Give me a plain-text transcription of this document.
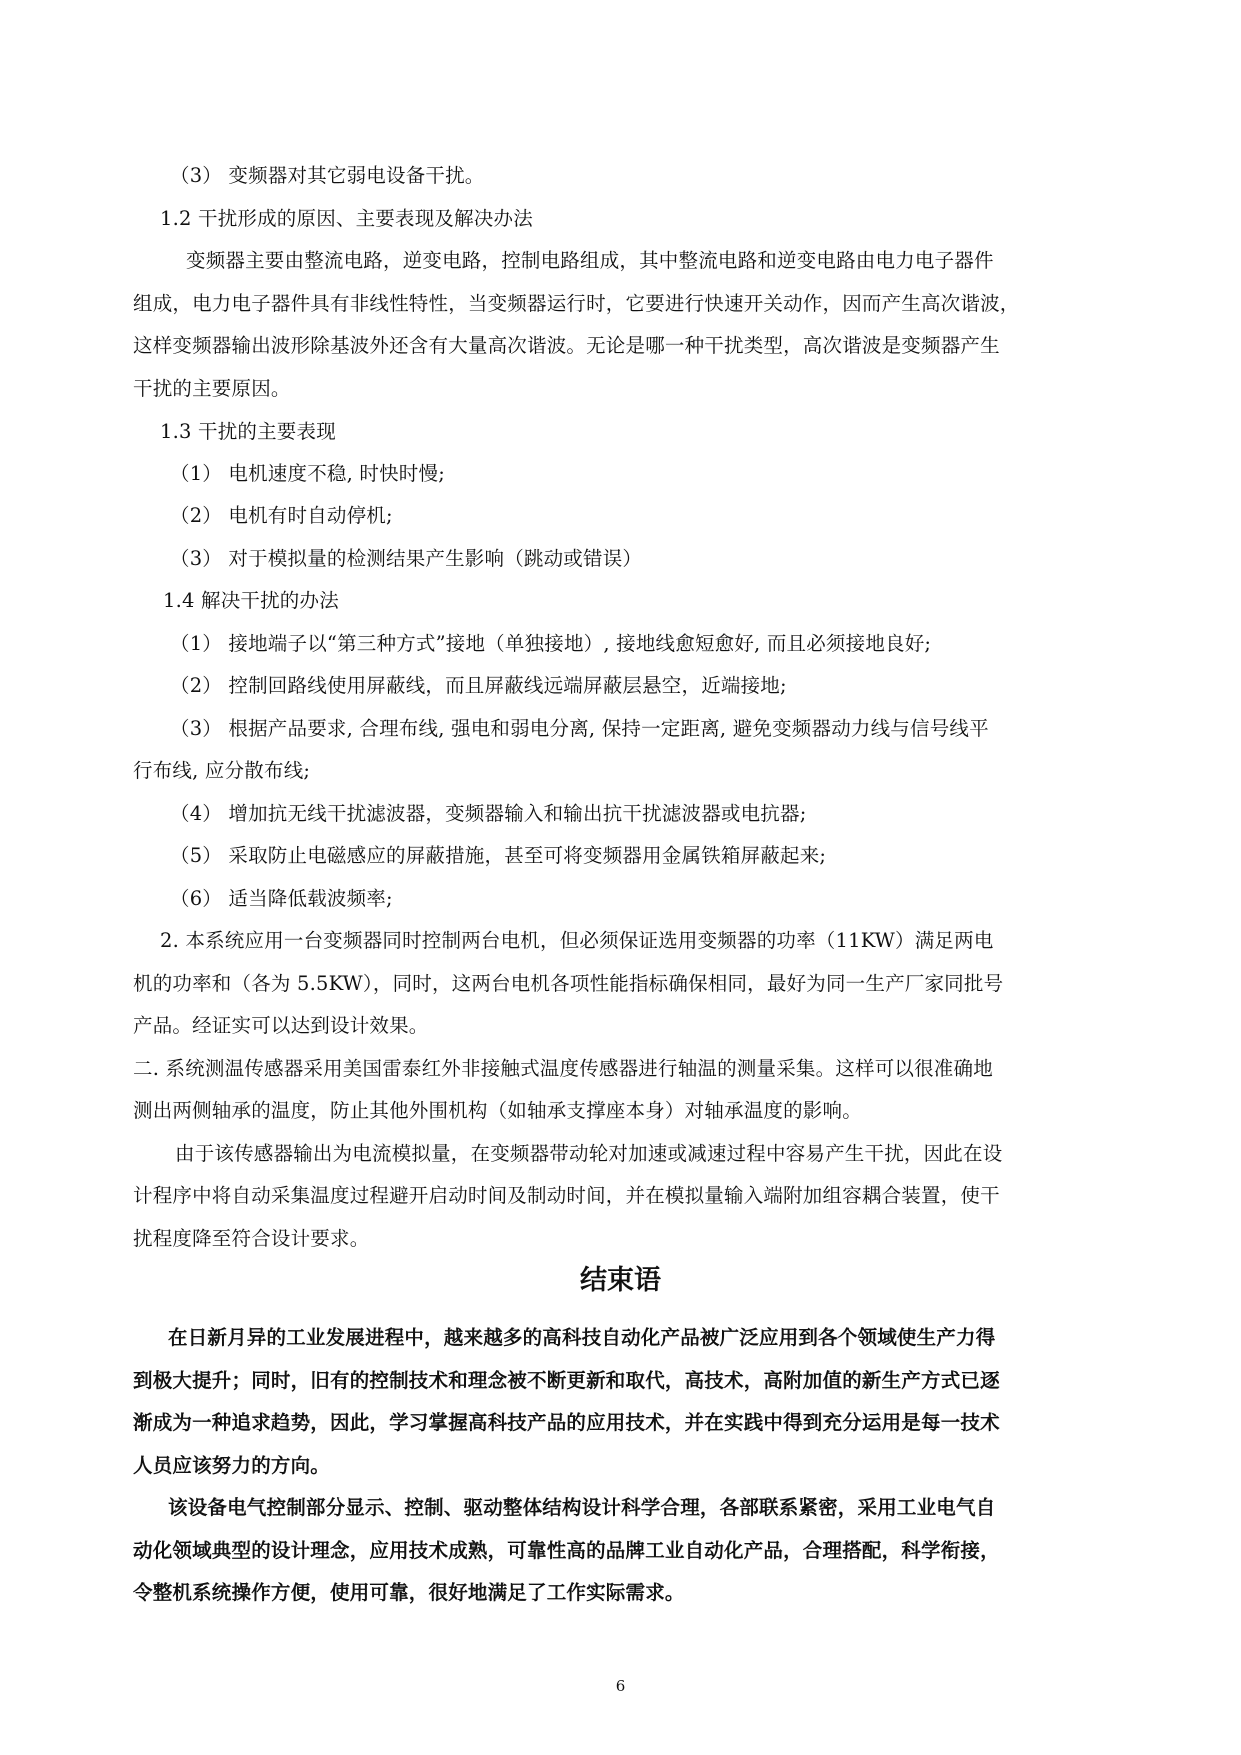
（3） 变频器对其它弱电设备干扰。
1.2 干扰形成的原因、主要表现及解决办法
变频器主要由整流电路，逆变电路，控制电路组成，其中整流电路和逆变电路由电力电子器件
组成，电力电子器件具有非线性特性，当变频器运行时，它要进行快速开关动作，因而产生高次谐波，
这样变频器输出波形除基波外还含有大量高次谐波。无论是哪一种干扰类型，高次谐波是变频器产生
干扰的主要原因。
1.3 干扰的主要表现
（1） 电机速度不稳, 时快时慢;
（2） 电机有时自动停机;
（3） 对于模拟量的检测结果产生影响（跳动或错误）
1.4 解决干扰的办法
（1） 接地端子以“第三种方式”接地（单独接地）, 接地线愈短愈好, 而且必须接地良好;
（2） 控制回路线使用屏蔽线，而且屏蔽线远端屏蔽层悬空，近端接地;
（3） 根据产品要求, 合理布线, 强电和弱电分离, 保持一定距离, 避免变频器动力线与信号线平
行布线, 应分散布线;
（4） 增加抗无线干扰滤波器，变频器输入和输出抗干扰滤波器或电抗器;
（5） 采取防止电磁感应的屏蔽措施，甚至可将变频器用金属铁箱屏蔽起来;
（6） 适当降低载波频率;
2. 本系统应用一台变频器同时控制两台电机，但必须保证选用变频器的功率（11KW）满足两电
机的功率和（各为 5.5KW），同时，这两台电机各项性能指标确保相同，最好为同一生产厂家同批号
产品。经证实可以达到设计效果。
二. 系统测温传感器采用美国雷泰红外非接触式温度传感器进行轴温的测量采集。这样可以很准确地
测出两侧轴承的温度，防止其他外围机构（如轴承支撑座本身）对轴承温度的影响。
由于该传感器输出为电流模拟量，在变频器带动轮对加速或减速过程中容易产生干扰，因此在设
计程序中将自动采集温度过程避开启动时间及制动时间，并在模拟量输入端附加组容耦合装置，使干
扰程度降至符合设计要求。
结束语
在日新月异的工业发展进程中，越来越多的高科技自动化产品被广泛应用到各个领域使生产力得
到极大提升；同时，旧有的控制技术和理念被不断更新和取代，高技术，高附加值的新生产方式已逐
渐成为一种追求趋势，因此，学习掌握高科技产品的应用技术，并在实践中得到充分运用是每一技术
人员应该努力的方向。
该设备电气控制部分显示、控制、驱动整体结构设计科学合理，各部联系紧密，采用工业电气自
动化领域典型的设计理念，应用技术成熟，可靠性高的品牌工业自动化产品，合理搭配，科学衔接，
令整机系统操作方便，使用可靠，很好地满足了工作实际需求。
6
